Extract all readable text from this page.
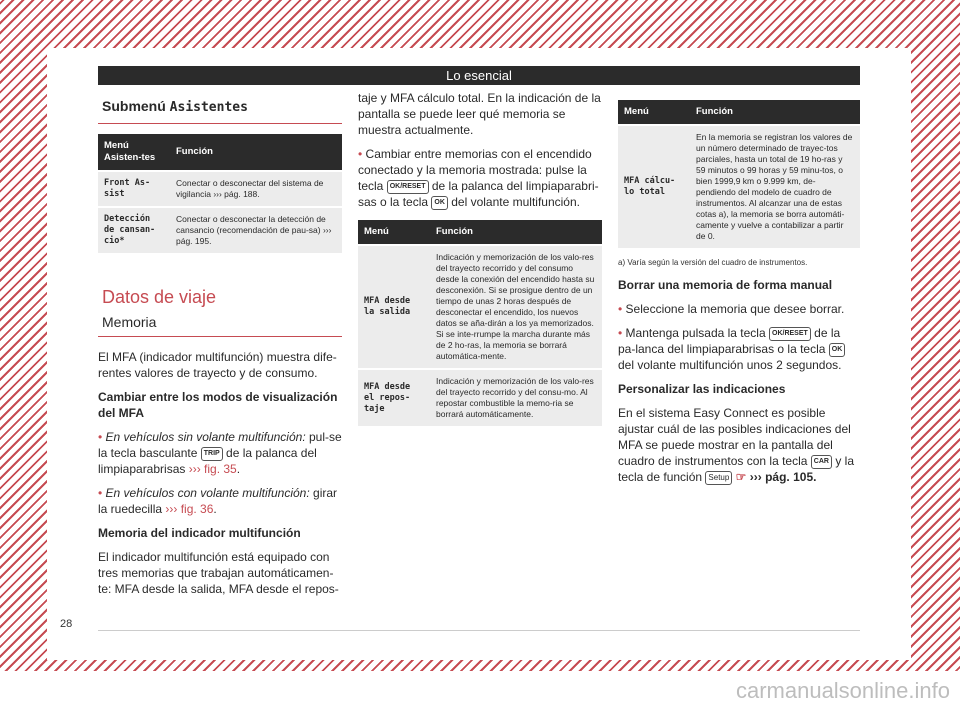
Lo esencial
Submenú Asistentes
Menú Asisten-tes	Función
Front As-sist	Conectar o desconectar del sistema de vigilancia ››› pág. 188.
Detección de cansan-cio*	Conectar o desconectar la detección de cansancio (recomendación de pau-sa) ››› pág. 195.
Datos de viaje
Memoria

El MFA (indicador multifunción) muestra dife-rentes valores de trayecto y de consumo.

Cambiar entre los modos de visualización del MFA

• En vehículos sin volante multifunción: pul-se la tecla basculante TRIP de la palanca del limpiaparabrisas ››› fig. 35.

• En vehículos con volante multifunción: girar la ruedecilla ››› fig. 36.

Memoria del indicador multifunción

El indicador multifunción está equipado con tres memorias que trabajan automáticamen-te: MFA desde la salida, MFA desde el repos-

taje y MFA cálculo total. En la indicación de la pantalla se puede leer qué memoria se muestra actualmente.

• Cambiar entre memorias con el encendido conectado y la memoria mostrada: pulse la tecla OK/RESET de la palanca del limpiaparabri-sas o la tecla OK del volante multifunción.

Menú	Función
MFA desde la salida	Indicación y memorización de los valo-res del trayecto recorrido y del consumo desde la conexión del encendido hasta su desconexión. Si se prosigue dentro de un tiempo de unas 2 horas después de desconectar el encendido, los nuevos datos se aña-dirán a los ya memorizados. Si se inte-rrumpe la marcha durante más de 2 ho-ras, la memoria se borrará automática-mente.
MFA desde el repos-taje	Indicación y memorización de los valo-res del trayecto recorrido y del consu-mo. Al repostar combustible la memo-ria se borrará automáticamente.
Menú	Función
MFA cálcu-lo total	En la memoria se registran los valores de un número determinado de trayec-tos parciales, hasta un total de 19 ho-ras y 59 minutos o 99 horas y 59 minu-tos, o bien 1999,9 km o 9.999 km, de-pendiendo del modelo de cuadro de instrumentos. Al alcanzar una de estas cotas a), la memoria se borra automáti-camente y vuelve a contabilizar a partir de 0.
a) Varía según la versión del cuadro de instrumentos.

Borrar una memoria de forma manual

• Seleccione la memoria que desee borrar.

• Mantenga pulsada la tecla OK/RESET de la pa-lanca del limpiaparabrisas o la tecla OK del volante multifunción unos 2 segundos.

Personalizar las indicaciones

En el sistema Easy Connect es posible ajustar cuál de las posibles indicaciones del MFA se puede mostrar en la pantalla del cuadro de instrumentos con la tecla CAR y la tecla de función Setup ☞ ››› pág. 105.

28
carmanualsonline.info
